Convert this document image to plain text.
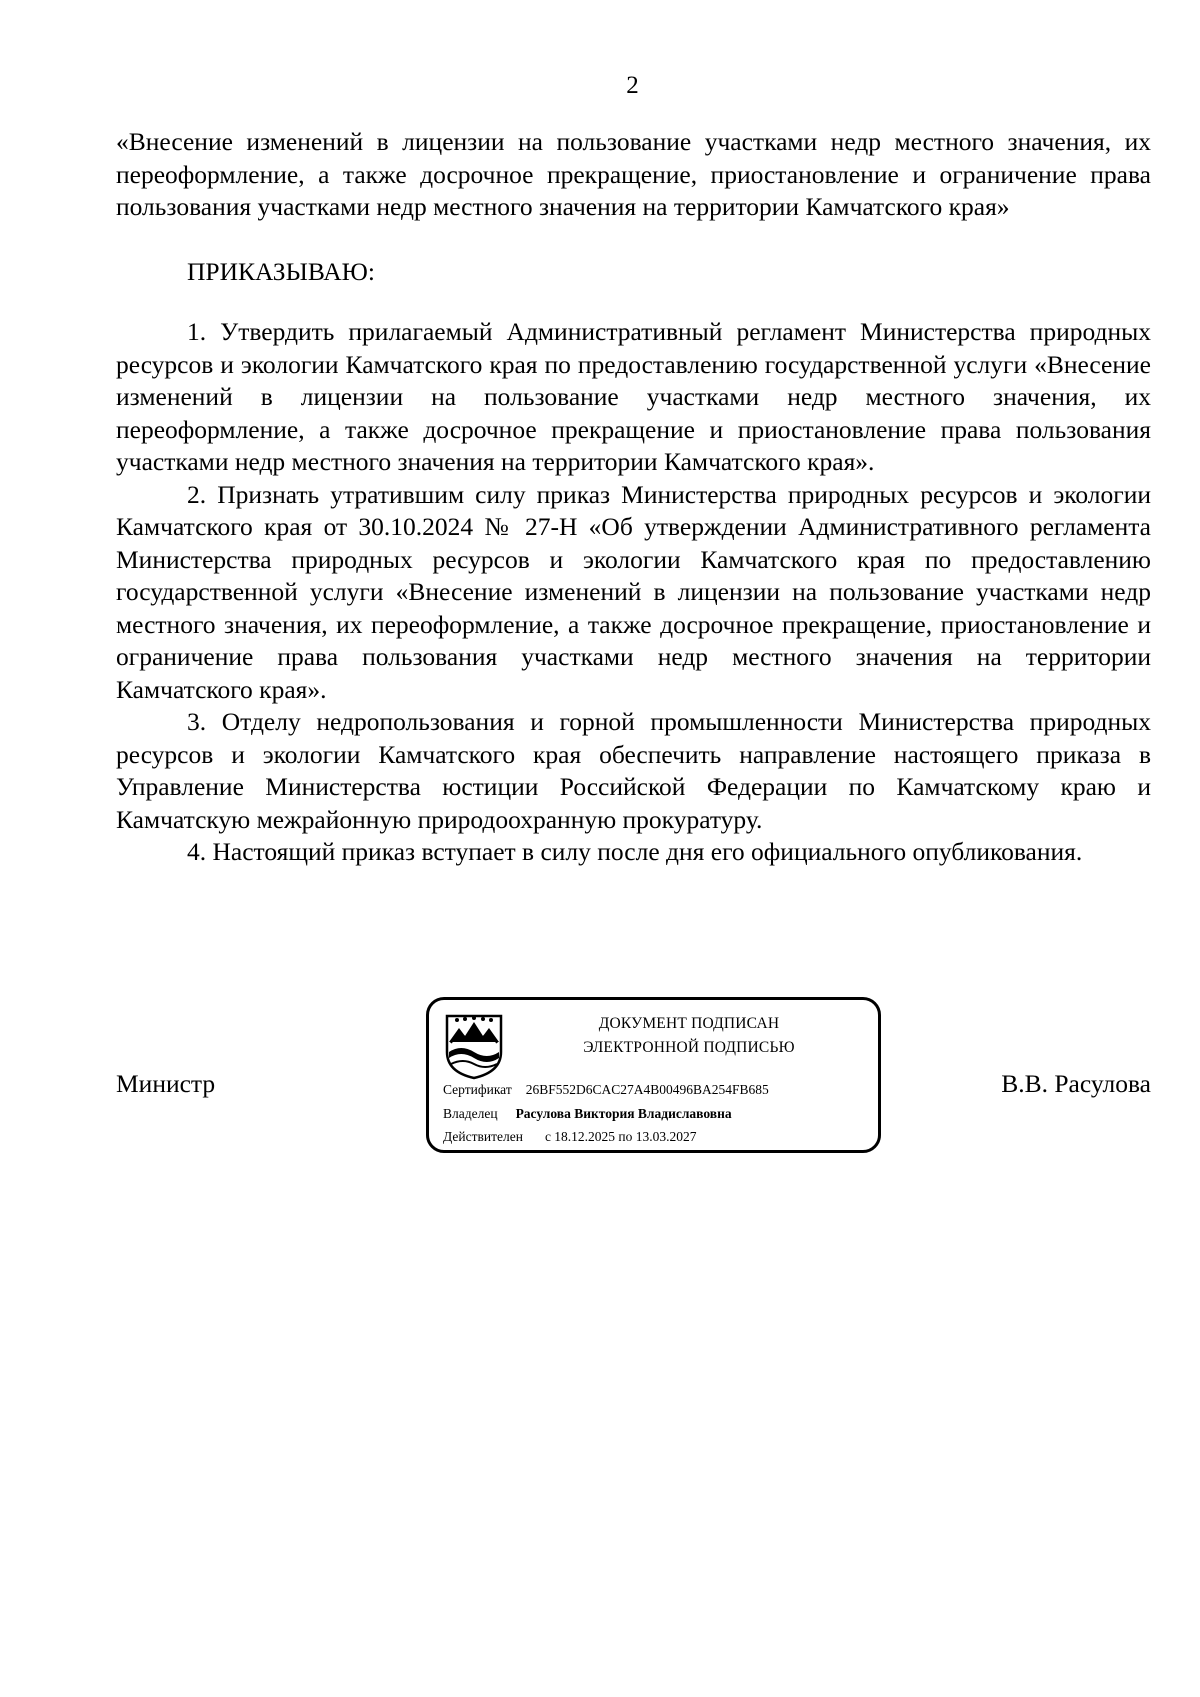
2

«Внесение изменений в лицензии на пользование участками недр местного значения, их переоформление, а также досрочное прекращение, приостановление и ограничение права пользования участками недр местного значения на территории Камчатского края»

ПРИКАЗЫВАЮ:

1. Утвердить прилагаемый Административный регламент Министерства природных ресурсов и экологии Камчатского края по предоставлению государственной услуги «Внесение изменений в лицензии на пользование участками недр местного значения, их переоформление, а также досрочное прекращение и приостановление права пользования участками недр местного значения на территории Камчатского края».

2. Признать утратившим силу приказ Министерства природных ресурсов и экологии Камчатского края от 30.10.2024 № 27-Н «Об утверждении Административного регламента Министерства природных ресурсов и экологии Камчатского края по предоставлению государственной услуги «Внесение изменений в лицензии на пользование участками недр местного значения, их переоформление, а также досрочное прекращение, приостановление и ограничение права пользования участками недр местного значения на территории Камчатского края».

3. Отделу недропользования и горной промышленности Министерства природных ресурсов и экологии Камчатского края обеспечить направление настоящего приказа в Управление Министерства юстиции Российской Федерации по Камчатскому краю и Камчатскую межрайонную природоохранную прокуратуру.

4. Настоящий приказ вступает в силу после дня его официального опубликования.

Министр
ДОКУМЕНТ ПОДПИСАН
ЭЛЕКТРОННОЙ ПОДПИСЬЮ
Сертификат 26BF552D6CAC27A4B00496BA254FB685
Владелец Расулова Виктория Владиславовна
Действителен с 18.12.2025 по 13.03.2027
В.В. Расулова
